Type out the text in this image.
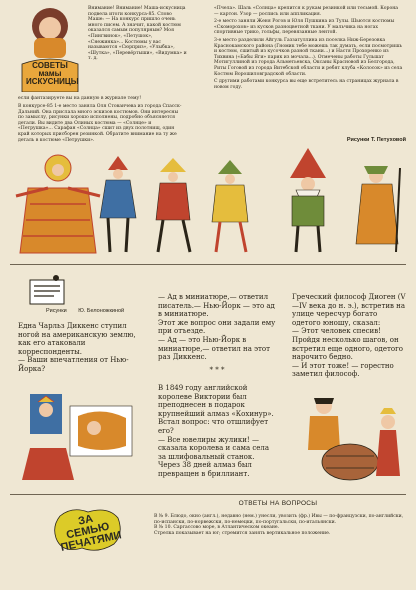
СОВЕТЫ мамы ИСКУСНИЦЫ
Внимание! Внимание! Маша-искусница подвела итоги конкурса-85. Слово Маше: — На конкурс пришло очень много писем. А значит, какой костюм оказался самым популярным? Моя «Пингвинок», «Петушок», «Снежинка»... Костюмы у вас называются «Сюрприз», «Улыбка», «Шутка», «Перевёртыши», «Видумка» и т. д.
если фантазируете вы на данную в журнале тему!
В конкурсе-85 1-е место заняла Оля Стованчева из города Спасск-Дальний. Она прислала много эскизов костюмов. Они интересны по замыслу, рисунки хорошо исполнены, подробно объясняется детали. Вы видите два Олиных костюма — «Солнце» и «Петрушка»... Сарафан «Солнца» сшит из двух полотнищ, один край которых присборен резинкой. Обратите внимание на ту же деталь в костюме «Петрушки».
«Пчела». Шаль «Солнца» крепится к рукам резинкой или тесьмой. Корона — картон. Узор — роспись или аппликация.
2-е место заняли Женя Рогов и Юля Пушкина из Тулы. Шьются костюмы «Скоморохов» из кусков разноцветной ткани. У мальчика на ногах спортивные трико, гольфы, перевязанные лентой.
3-е место разделили Айгуль Газзатуллина из поселка Ниж-Березовка Краснокамского района (Гномик тебе можешь так думать, если посмотришь и костюм, сшитый из кусочков разной ткани...) и Настя Прохоренко из Тихвина («Бабы Яги» парик из мочала...). Отмечены работы Гульшат Мотигуллиной из города Альметьевска, Оксаны Красновой из Белгорода, Риты Гоговой из города Витебской области и ребят клуба «Колосок» из села Костюм Ворошиловградской области.
С другими работами конкурса вы еще встретитесь на страницах журнала в новом году.
Рисунки Т. Петуховой
Рисунки Ю. Белоножкиной
Една Чарльз Диккенс ступил ногой на американскую землю, как его атаковали корреспонденты.
— Ваши впечатления от Нью-Йорка?
— Ад в миниатюре,— ответил писатель.— Нью-Йорк — это ад в миниатюре.
Этот же вопрос они задали ему при отъезде.
— Ад — это Нью-Йорк в миниатюре,— ответил на этот раз Диккенс.
* * *
В 1849 году английской королеве Виктории был преподнесен в подарок крупнейший алмаз «Кохинур». Встал вопрос: что отшлифует его?
— Все ювелиры жулики! — сказала королева и сама села за шлифовальный станок. Через 38 дней алмаз был превращен в бриллиант.
Греческий философ Диоген (V—IV века до н. э.), встретив на улице чересчур богато одетого юношу, сказал:
— Этот человек спесив!
Пройдя несколько шагов, он встретил еще одного, одетого нарочито бедно.
— И этот тоже! — горестно заметил философ.
ОТВЕТЫ НА ВОПРОСЫ
ЗА СЕМЬЮ ПЕЧАТЯМИ
В № 9. Блюдо, окно (англ.), недавно (нем.) унесли, увозить (фр.) Ивы — по-французски, по-английски, по-испански, по-норвежски, по-немецки, по-португальски, по-итальянски.
В № 10. Саргассово море, в Атлантическом океане.
Стрелка показывает на юг; стремится занять вертикальное положение.
